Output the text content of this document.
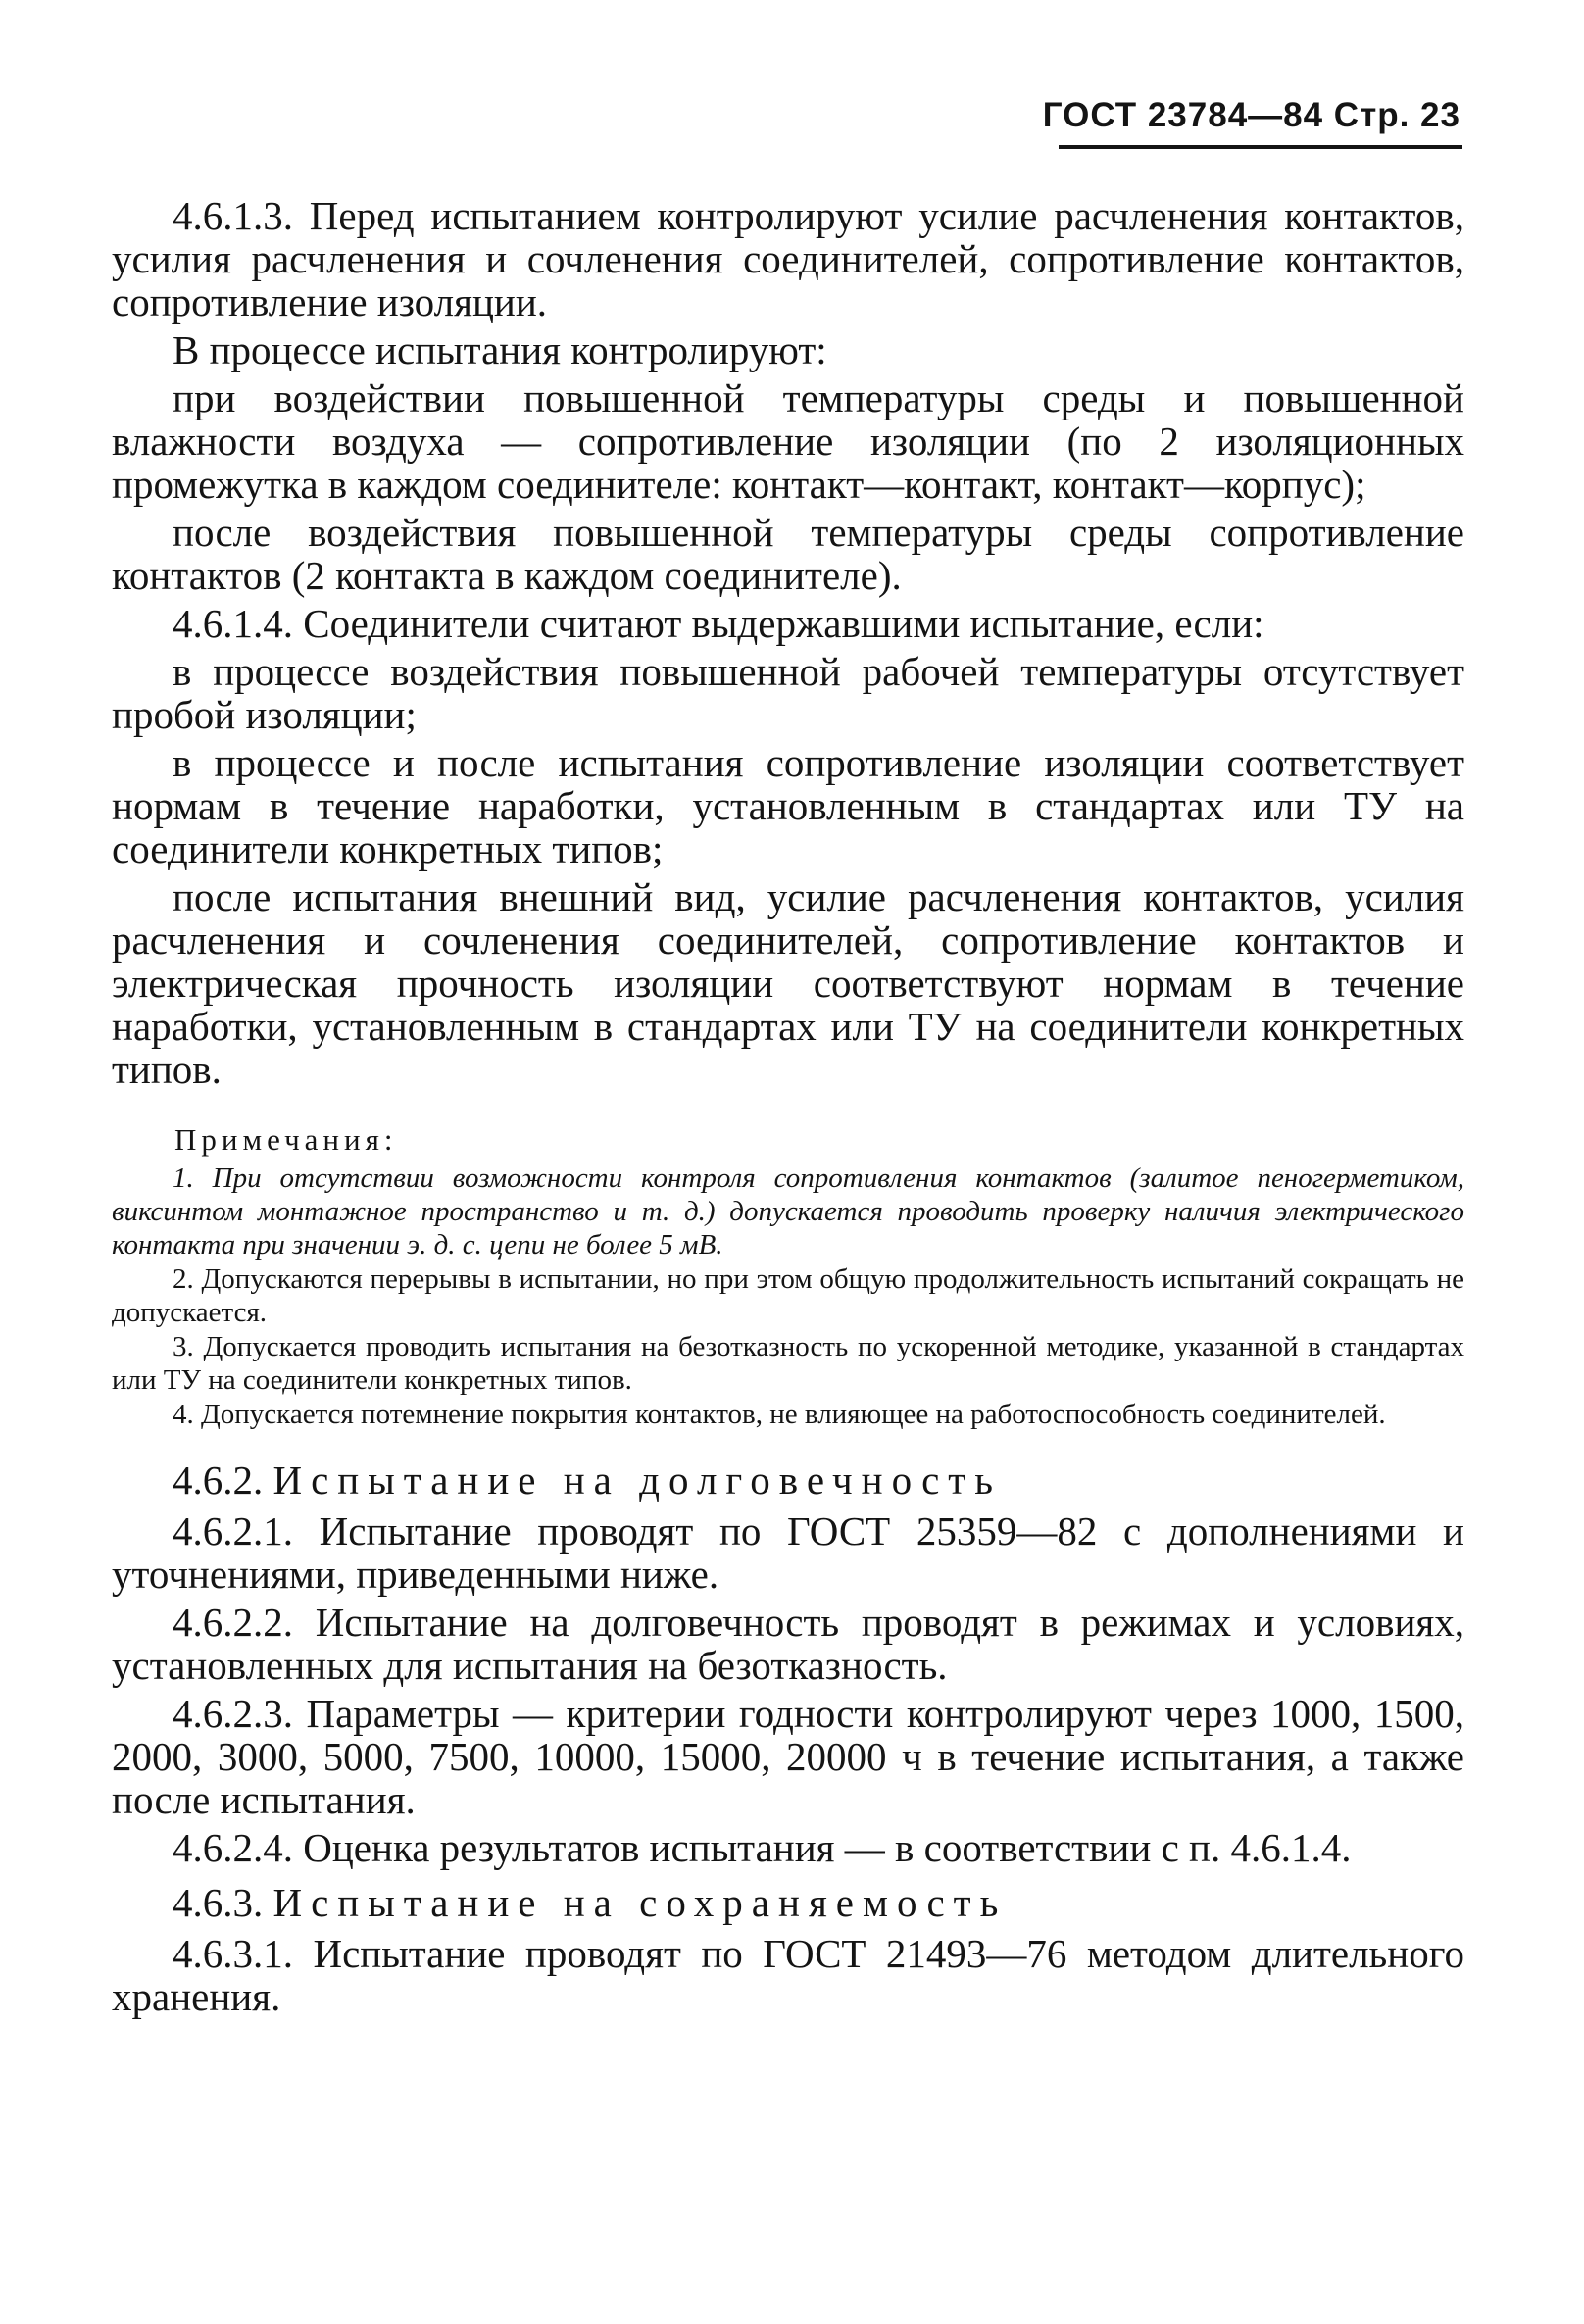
ГОСТ 23784—84 Стр. 23

4.6.1.3. Перед испытанием контролируют усилие расчленения контактов, усилия расчленения и сочленения соединителей, сопротивление контактов, сопротивление изоляции.

В процессе испытания контролируют:

при воздействии повышенной температуры среды и повышенной влажности воздуха — сопротивление изоляции (по 2 изоляционных промежутка в каждом соединителе: контакт—контакт, контакт—корпус);

после воздействия повышенной температуры среды сопротивление контактов (2 контакта в каждом соединителе).

4.6.1.4. Соединители считают выдержавшими испытание, если:

в процессе воздействия повышенной рабочей температуры отсутствует пробой изоляции;

в процессе и после испытания сопротивление изоляции соответствует нормам в течение наработки, установленным в стандартах или ТУ на соединители конкретных типов;

после испытания внешний вид, усилие расчленения контактов, усилия расчленения и сочленения соединителей, сопротивление контактов и электрическая прочность изоляции соответствуют нормам в течение наработки, установленным в стандартах или ТУ на соединители конкретных типов.

Примечания:

1. При отсутствии возможности контроля сопротивления контактов (залитое пеногерметиком, виксинтом монтажное пространство и т. д.) допускается проводить проверку наличия электрического контакта при значении э. д. с. цепи не более 5 мВ.

2. Допускаются перерывы в испытании, но при этом общую продолжительность испытаний сокращать не допускается.

3. Допускается проводить испытания на безотказность по ускоренной методике, указанной в стандартах или ТУ на соединители конкретных типов.

4. Допускается потемнение покрытия контактов, не влияющее на работоспособность соединителей.

4.6.2. Испытание на долговечность

4.6.2.1. Испытание проводят по ГОСТ 25359—82 с дополнениями и уточнениями, приведенными ниже.

4.6.2.2. Испытание на долговечность проводят в режимах и условиях, установленных для испытания на безотказность.

4.6.2.3. Параметры — критерии годности контролируют через 1000, 1500, 2000, 3000, 5000, 7500, 10000, 15000, 20000 ч в течение испытания, а также после испытания.

4.6.2.4. Оценка результатов испытания — в соответствии с п. 4.6.1.4.

4.6.3. Испытание на сохраняемость

4.6.3.1. Испытание проводят по ГОСТ 21493—76 методом длительного хранения.
